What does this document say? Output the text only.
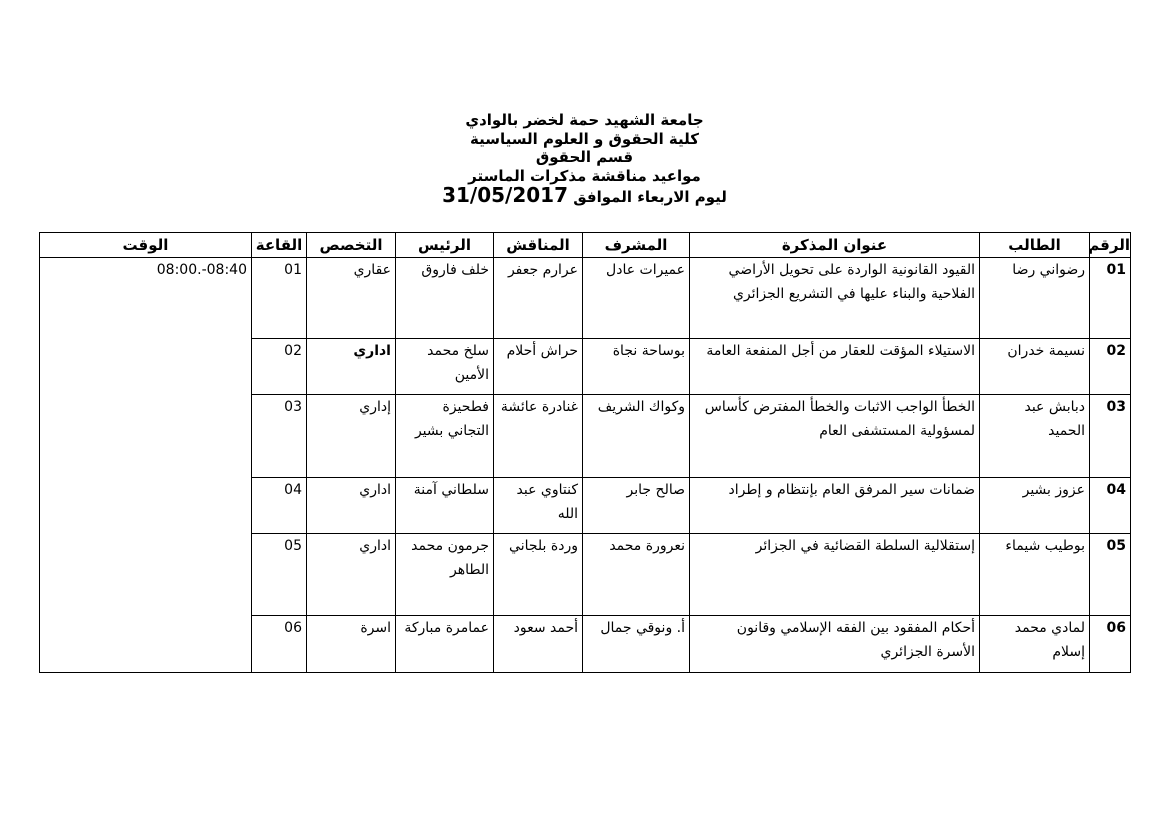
جامعة الشهيد حمة لخضر بالوادي
كلية الحقوق و العلوم السياسية
قسم الحقوق
مواعيد مناقشة مذكرات الماستر
ليوم الاربعاء الموافق 31/05/2017
الرقم	الطالب	عنوان المذكرة	المشرف	المناقش	الرئيس	التخصص	القاعة	الوقت
01	رضواني رضا	القيود القانونية الواردة على تحويل الأراضي الفلاحية والبناء عليها في التشريع الجزائري	عميرات عادل	عرارم جعفر	خلف فاروق	عقاري	01	08:40-.08:00
02	نسيمة خدران	الاستيلاء المؤقت للعقار من أجل المنفعة العامة	بوساحة نجاة	حراش أحلام	سلخ محمد الأمين	اداري	02	
03	دبابش عبد الحميد	الخطأ الواجب الاثبات والخطأ المفترض كأساس لمسؤولية المستشفى العام	وكواك الشريف	غنادرة عائشة	فطحيزة التجاني بشير	إداري	03	
04	عزوز بشير	ضمانات سير المرفق العام بإنتظام و إطراد	صالح جابر	كنتاوي عبد الله	سلطاني آمنة	اداري	04	
05	بوطيب شيماء	إستقلالية السلطة القضائية في الجزائر	نعرورة محمد	وردة بلجاني	جرمون محمد الطاهر	اداري	05	
06	لمادي محمد إسلام	أحكام المفقود بين الفقه الإسلامي وقانون الأسرة الجزائري	أ. ونوقي جمال	أحمد سعود	عمامرة مباركة	اسرة	06	
